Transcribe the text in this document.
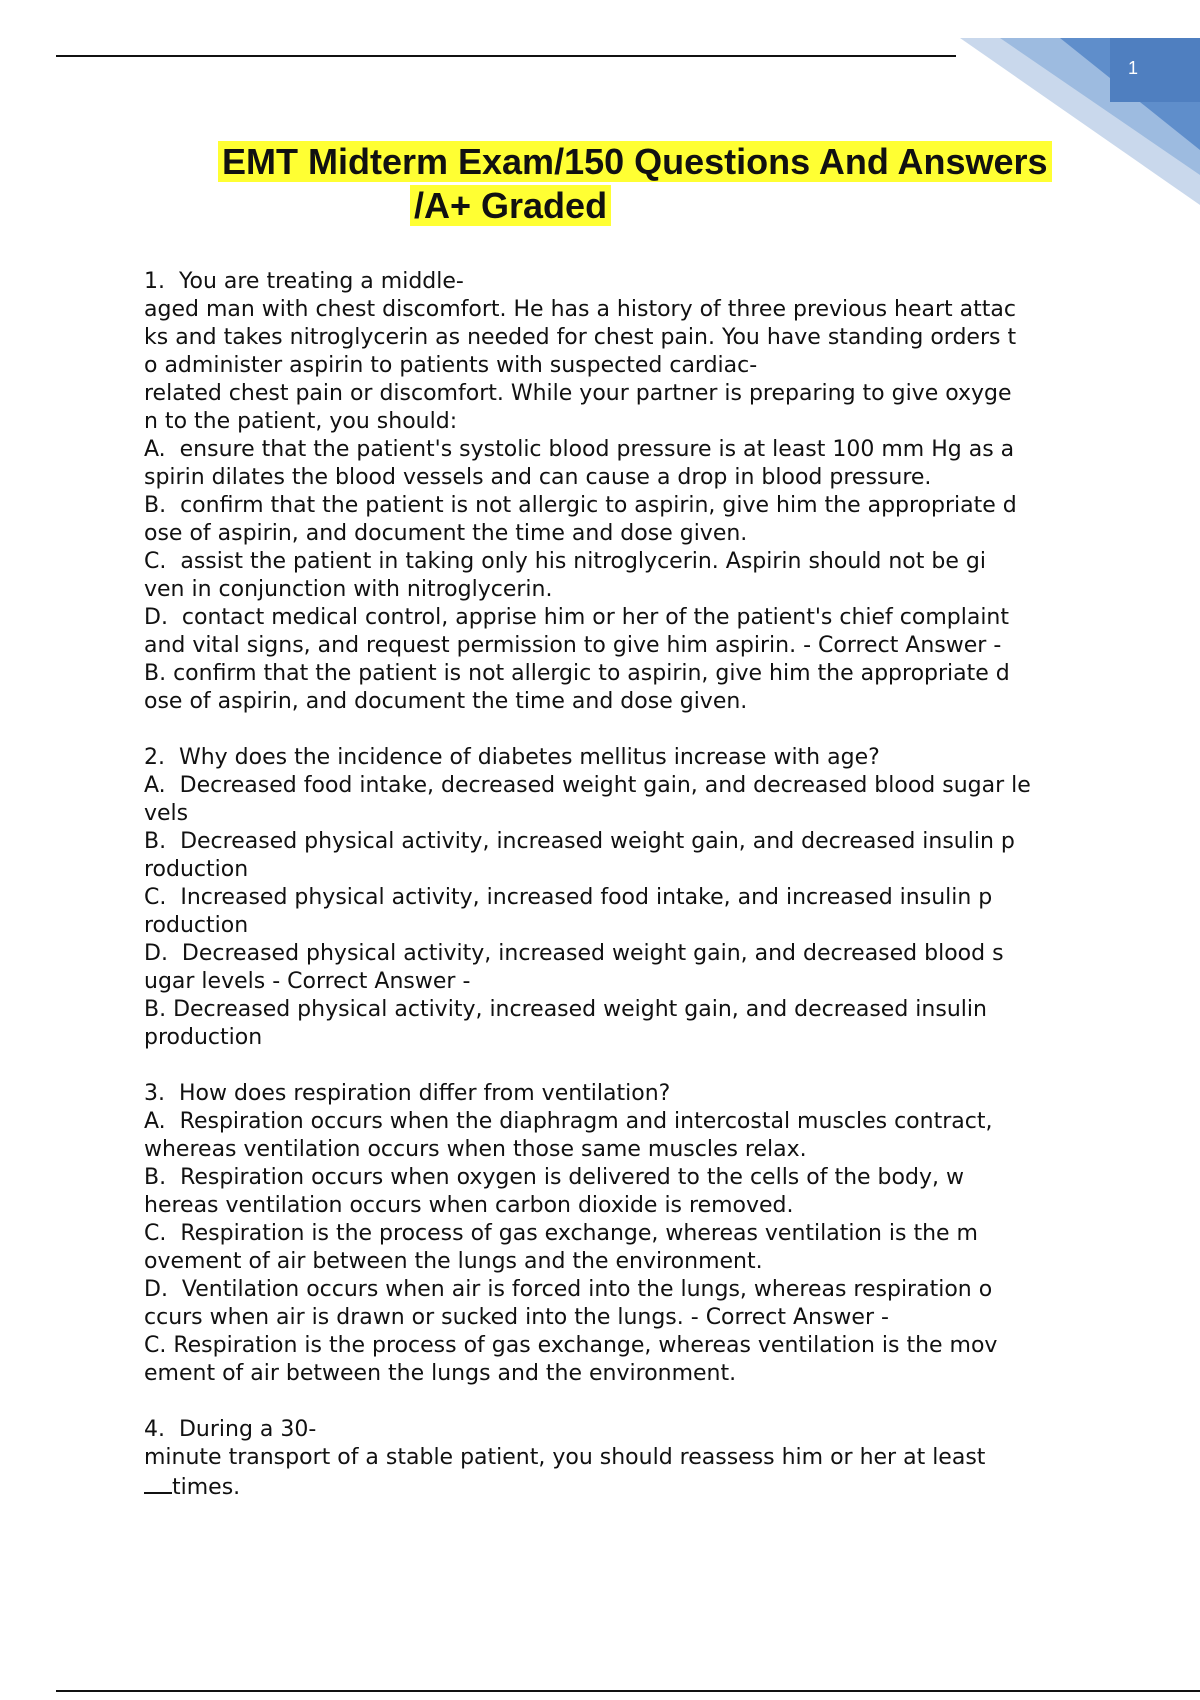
1
EMT Midterm Exam/150 Questions And Answers
/A+ Graded
1.  You are treating a middle-
aged man with chest discomfort. He has a history of three previous heart attac
ks and takes nitroglycerin as needed for chest pain. You have standing orders t
o administer aspirin to patients with suspected cardiac-
related chest pain or discomfort. While your partner is preparing to give oxyge
n to the patient, you should:
A.  ensure that the patient's systolic blood pressure is at least 100 mm Hg as a
spirin dilates the blood vessels and can cause a drop in blood pressure.
B.  confirm that the patient is not allergic to aspirin, give him the appropriate d
ose of aspirin, and document the time and dose given.
C.  assist the patient in taking only his nitroglycerin. Aspirin should not be gi
ven in conjunction with nitroglycerin.
D.  contact medical control, apprise him or her of the patient's chief complaint
and vital signs, and request permission to give him aspirin. - Correct Answer -
B. confirm that the patient is not allergic to aspirin, give him the appropriate d
ose of aspirin, and document the time and dose given.
2.  Why does the incidence of diabetes mellitus increase with age?
A.  Decreased food intake, decreased weight gain, and decreased blood sugar le
vels
B.  Decreased physical activity, increased weight gain, and decreased insulin p
roduction
C.  Increased physical activity, increased food intake, and increased insulin p
roduction
D.  Decreased physical activity, increased weight gain, and decreased blood s
ugar levels - Correct Answer -
B. Decreased physical activity, increased weight gain, and decreased insulin
production
3.  How does respiration differ from ventilation?
A.  Respiration occurs when the diaphragm and intercostal muscles contract,
whereas ventilation occurs when those same muscles relax.
B.  Respiration occurs when oxygen is delivered to the cells of the body, w
hereas ventilation occurs when carbon dioxide is removed.
C.  Respiration is the process of gas exchange, whereas ventilation is the m
ovement of air between the lungs and the environment.
D.  Ventilation occurs when air is forced into the lungs, whereas respiration o
ccurs when air is drawn or sucked into the lungs. - Correct Answer -
C. Respiration is the process of gas exchange, whereas ventilation is the mov
ement of air between the lungs and the environment.
4.  During a 30-
minute transport of a stable patient, you should reassess him or her at least
times.
